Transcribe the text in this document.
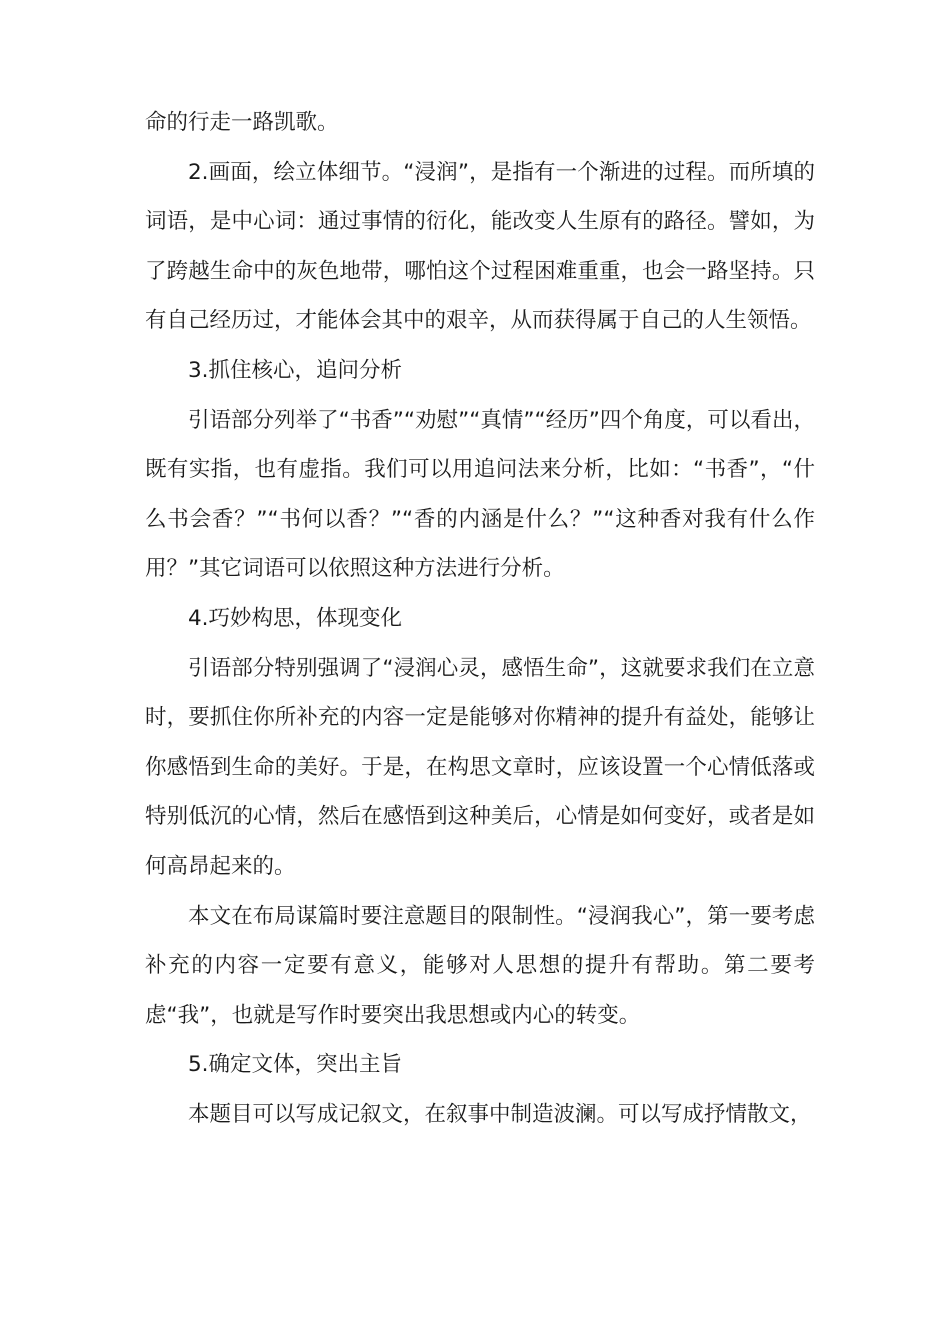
命的行走一路凯歌。

2.画面，绘立体细节。“浸润”，是指有一个渐进的过程。而所填的词语，是中心词：通过事情的衍化，能改变人生原有的路径。譬如，为了跨越生命中的灰色地带，哪怕这个过程困难重重，也会一路坚持。只有自己经历过，才能体会其中的艰辛，从而获得属于自己的人生领悟。

3.抓住核心，追问分析

引语部分列举了“书香”“劝慰”“真情”“经历”四个角度，可以看出，既有实指，也有虚指。我们可以用追问法来分析，比如：“书香”，“什么书会香？”“书何以香？”“香的内涵是什么？”“这种香对我有什么作用？”其它词语可以依照这种方法进行分析。

4.巧妙构思，体现变化

引语部分特别强调了“浸润心灵，感悟生命”，这就要求我们在立意时，要抓住你所补充的内容一定是能够对你精神的提升有益处，能够让你感悟到生命的美好。于是，在构思文章时，应该设置一个心情低落或特别低沉的心情，然后在感悟到这种美后，心情是如何变好，或者是如何高昂起来的。

本文在布局谋篇时要注意题目的限制性。“浸润我心”，第一要考虑补充的内容一定要有意义，能够对人思想的提升有帮助。第二要考虑“我”，也就是写作时要突出我思想或内心的转变。

5.确定文体，突出主旨

本题目可以写成记叙文，在叙事中制造波澜。可以写成抒情散文，
